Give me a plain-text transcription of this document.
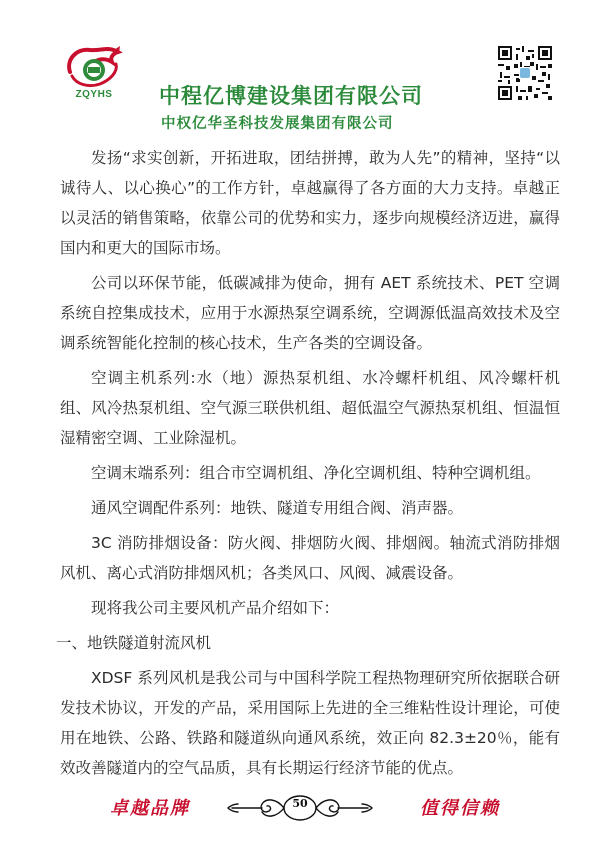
ZQYHS	中程亿博建设集团有限公司
中权亿华圣科技发展集团有限公司

发扬“求实创新，开拓进取，团结拼搏，敢为人先”的精神，坚持“以诚待人、以心换心”的工作方针，卓越赢得了各方面的大力支持。卓越正以灵活的销售策略，依靠公司的优势和实力，逐步向规模经济迈进，赢得国内和更大的国际市场。

公司以环保节能，低碳减排为使命，拥有 AET 系统技术、PET 空调系统自控集成技术，应用于水源热泵空调系统，空调源低温高效技术及空调系统智能化控制的核心技术，生产各类的空调设备。

空调主机系列:水（地）源热泵机组、水冷螺杆机组、风冷螺杆机组、风冷热泵机组、空气源三联供机组、超低温空气源热泵机组、恒温恒湿精密空调、工业除湿机。

空调末端系列：组合市空调机组、净化空调机组、特种空调机组。

通风空调配件系列：地铁、隧道专用组合阀、消声器。

3C 消防排烟设备：防火阀、排烟防火阀、排烟阀。轴流式消防排烟风机、离心式消防排烟风机；各类风口、风阀、减震设备。

现将我公司主要风机产品介绍如下：

一、地铁隧道射流风机

XDSF 系列风机是我公司与中国科学院工程热物理研究所依据联合研发技术协议，开发的产品，采用国际上先进的全三维粘性设计理论，可使用在地铁、公路、铁路和隧道纵向通风系统，效正向 82.3±20％，能有效改善隧道内的空气品质，具有长期运行经济节能的优点。

卓越品牌	50	值得信赖
